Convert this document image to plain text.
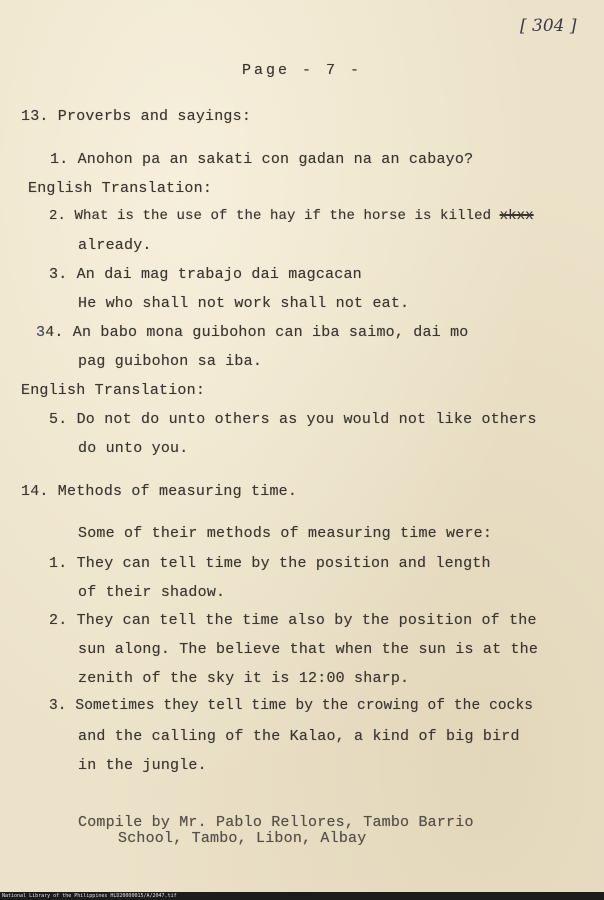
[ 304 ]
Page - 7 -
13. Proverbs and sayings:
1. Anohon pa an sakati con gadan na an cabayo?
English Translation:
2. What is the use of the hay if the horse is killed xkxx
already.
3. An dai mag trabajo dai magcacan
He who shall not work shall not eat.
34. An babo mona guibohon can iba saimo, dai mo
pag guibohon sa iba.
English Translation:
5. Do not do unto others as you would not like others
do unto you.
14. Methods of measuring time.
Some of their methods of measuring time were:
1. They can tell time by the position and length
of their shadow.
2. They can tell the time also by the position of the
sun along. The believe that when the sun is at the
zenith of the sky it is 12:00 sharp.
3. Sometimes they tell time by the crowing of the cocks
and the calling of the Kalao, a kind of big bird
in the jungle.
Compile by Mr. Pablo Rellores, Tambo Barrio
School, Tambo, Libon, Albay
National Library of the Philippines HLD20000015/A/2047.tif
